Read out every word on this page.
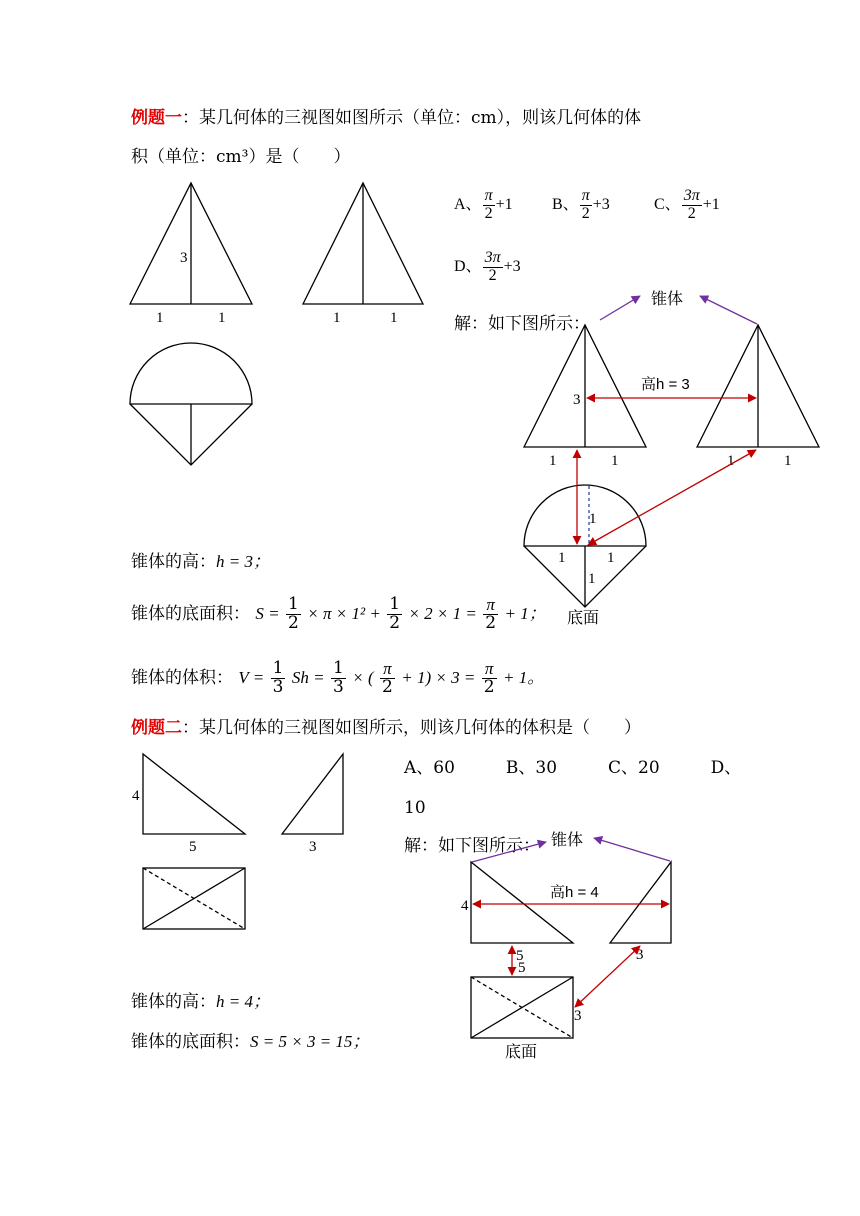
例题一：某几何体的三视图如图所示（单位：cm），则该几何体的体
积（单位：cm³）是（　　）
A、 $\frac{\pi}{2} +1$ B、 $\frac{\pi}{2} +3$	C、 $\frac{3\pi}{2} +1$
D、 $\frac{3\pi}{2} +3$
解：如下图所示：
锥体的高：h = 3；
锥体的底面积： $S = \frac{1}{2} \times \pi \times 1^2 + \frac{1}{2} \times 2 \times 1 = \frac{\pi}{2} + 1$；
锥体的体积： $V = \frac{1}{3}$ $Sh = \frac{1}{3}$ × ( $\frac{\pi}{2} + 1) \times 3 = \frac{\pi}{2} + 1$。
例题二：某几何体的三视图如图所示，则该几何体的体积是（　　）
A、60　　　B、30　　　C、20　　　D、
10
解：如下图所示：
锥体的高：h = 4；
锥体的底面积：S = 5 × 3 = 15；
3
1	1	1	1
3
1	1	1	1
1
1	1
1
底面
锥体
高h = 3
4
5	3
4
5
5
3
3
底面
锥体
高h = 4
